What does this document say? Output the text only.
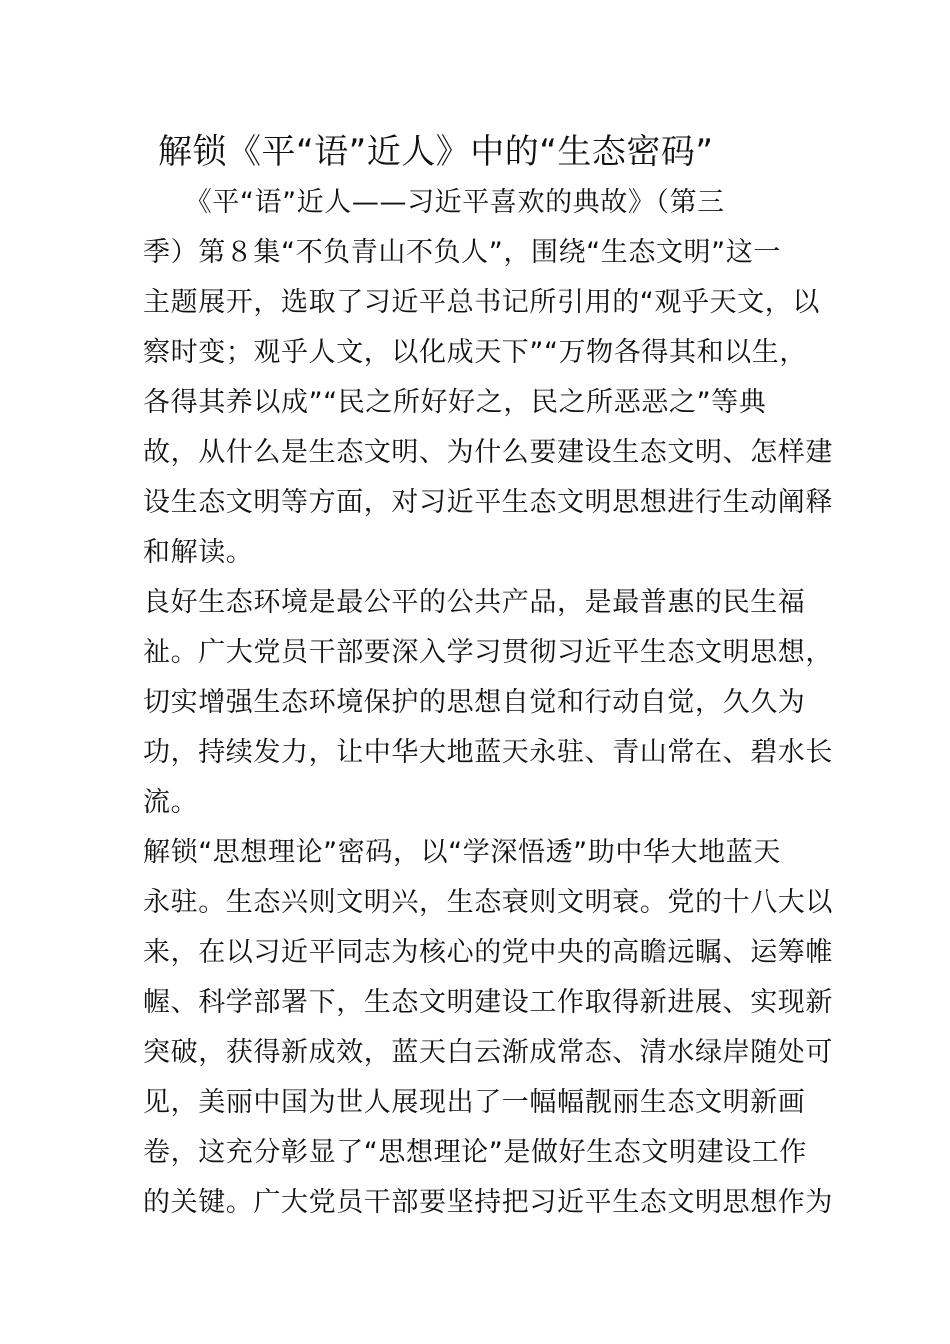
解锁《平“语”近人》中的“生态密码”
　　《平“语”近人——习近平喜欢的典故》（第三
季）第８集“不负青山不负人”，围绕“生态文明”这一
主题展开，选取了习近平总书记所引用的“观乎天文，以
察时变；观乎人文，以化成天下”“万物各得其和以生，
各得其养以成”“民之所好好之，民之所恶恶之”等典
故，从什么是生态文明、为什么要建设生态文明、怎样建
设生态文明等方面，对习近平生态文明思想进行生动阐释
和解读。
良好生态环境是最公平的公共产品，是最普惠的民生福
祉。广大党员干部要深入学习贯彻习近平生态文明思想，
切实增强生态环境保护的思想自觉和行动自觉，久久为
功，持续发力，让中华大地蓝天永驻、青山常在、碧水长
流。
解锁“思想理论”密码，以“学深悟透”助中华大地蓝天
永驻。生态兴则文明兴，生态衰则文明衰。党的十八大以
来，在以习近平同志为核心的党中央的高瞻远瞩、运筹帷
幄、科学部署下，生态文明建设工作取得新进展、实现新
突破，获得新成效，蓝天白云渐成常态、清水绿岸随处可
见，美丽中国为世人展现出了一幅幅靓丽生态文明新画
卷，这充分彰显了“思想理论”是做好生态文明建设工作
的关键。广大党员干部要坚持把习近平生态文明思想作为
